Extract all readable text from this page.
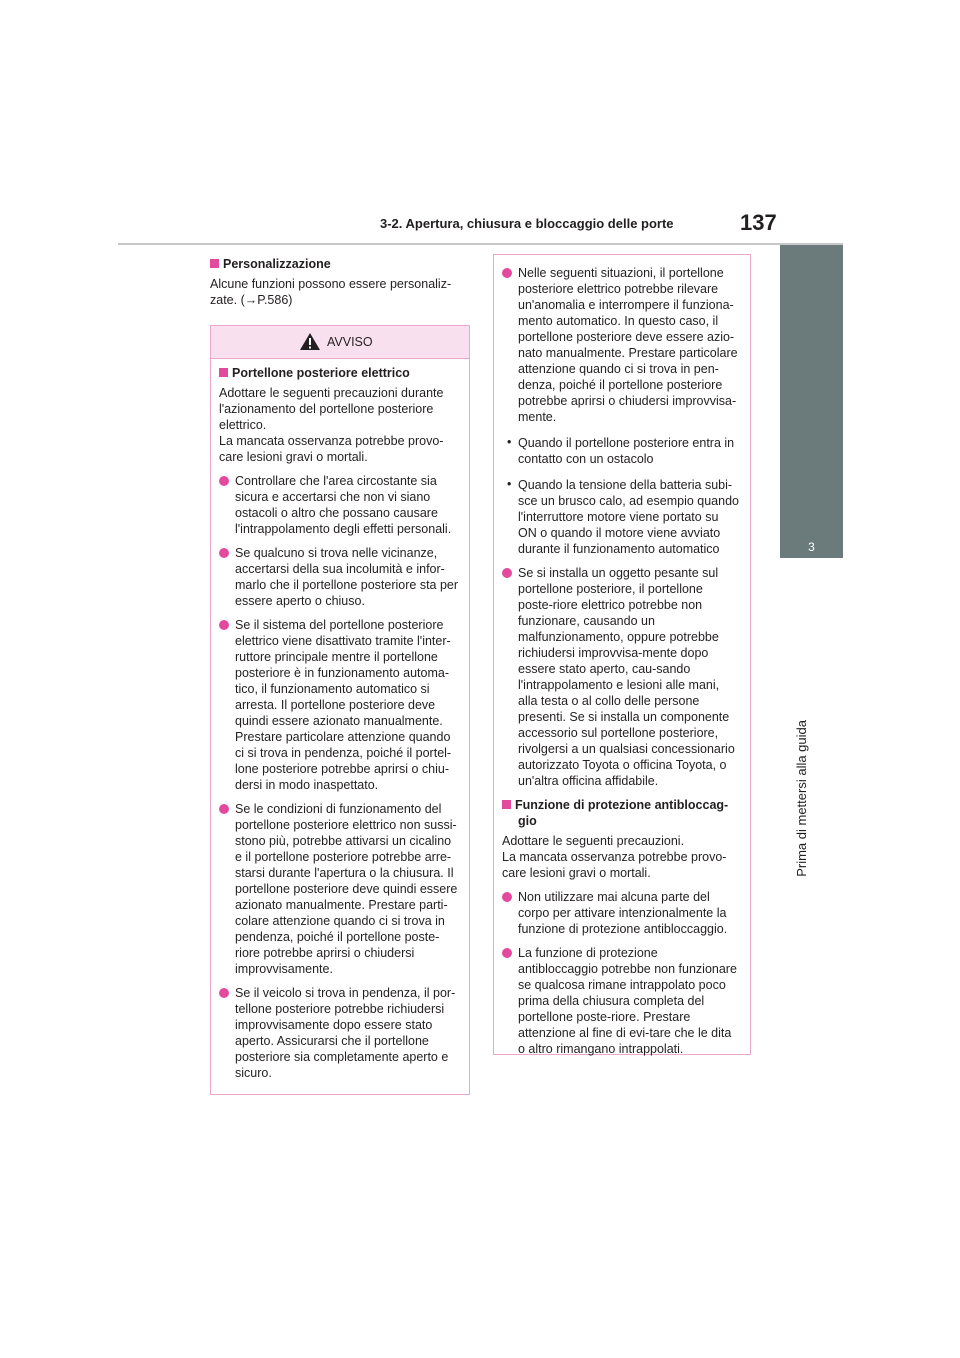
3-2. Apertura, chiusura e bloccaggio delle porte	137
3
Prima di mettersi alla guida

Personalizzazione

Alcune funzioni possono essere personaliz-zate. (→P.586)

AVVISO

Portellone posteriore elettrico

Adottare le seguenti precauzioni durante l'azionamento del portellone posteriore elettrico.
La mancata osservanza potrebbe provo-care lesioni gravi o mortali.

Controllare che l'area circostante sia sicura e accertarsi che non vi siano ostacoli o altro che possano causare l'intrappolamento degli effetti personali.

Se qualcuno si trova nelle vicinanze, accertarsi della sua incolumità e infor-marlo che il portellone posteriore sta per essere aperto o chiuso.

Se il sistema del portellone posteriore elettrico viene disattivato tramite l'inter-ruttore principale mentre il portellone posteriore è in funzionamento automa-tico, il funzionamento automatico si arresta. Il portellone posteriore deve quindi essere azionato manualmente. Prestare particolare attenzione quando ci si trova in pendenza, poiché il portel-lone posteriore potrebbe aprirsi o chiu-dersi in modo inaspettato.

Se le condizioni di funzionamento del portellone posteriore elettrico non sussi-stono più, potrebbe attivarsi un cicalino e il portellone posteriore potrebbe arre-starsi durante l'apertura o la chiusura. Il portellone posteriore deve quindi essere azionato manualmente. Prestare parti-colare attenzione quando ci si trova in pendenza, poiché il portellone poste-riore potrebbe aprirsi o chiudersi improvvisamente.

Se il veicolo si trova in pendenza, il por-tellone posteriore potrebbe richiudersi improvvisamente dopo essere stato aperto. Assicurarsi che il portellone posteriore sia completamente aperto e sicuro.

Nelle seguenti situazioni, il portellone posteriore elettrico potrebbe rilevare un'anomalia e interrompere il funziona-mento automatico. In questo caso, il portellone posteriore deve essere azio-nato manualmente. Prestare particolare attenzione quando ci si trova in pen-denza, poiché il portellone posteriore potrebbe aprirsi o chiudersi improvvisa-mente.

• Quando il portellone posteriore entra in contatto con un ostacolo

• Quando la tensione della batteria subi-sce un brusco calo, ad esempio quando l'interruttore motore viene portato su ON o quando il motore viene avviato durante il funzionamento automatico

Se si installa un oggetto pesante sul portellone posteriore, il portellone poste-riore elettrico potrebbe non funzionare, causando un malfunzionamento, oppure potrebbe richiudersi improvvisa-mente dopo essere stato aperto, cau-sando l'intrappolamento e lesioni alle mani, alla testa o al collo delle persone presenti. Se si installa un componente accessorio sul portellone posteriore, rivolgersi a un qualsiasi concessionario autorizzato Toyota o officina Toyota, o un'altra officina affidabile.

Funzione di protezione antibloccag-gio

Adottare le seguenti precauzioni.
La mancata osservanza potrebbe provo-care lesioni gravi o mortali.

Non utilizzare mai alcuna parte del corpo per attivare intenzionalmente la funzione di protezione antibloccaggio.

La funzione di protezione antibloccaggio potrebbe non funzionare se qualcosa rimane intrappolato poco prima della chiusura completa del portellone poste-riore. Prestare attenzione al fine di evi-tare che le dita o altro rimangano intrappolati.
